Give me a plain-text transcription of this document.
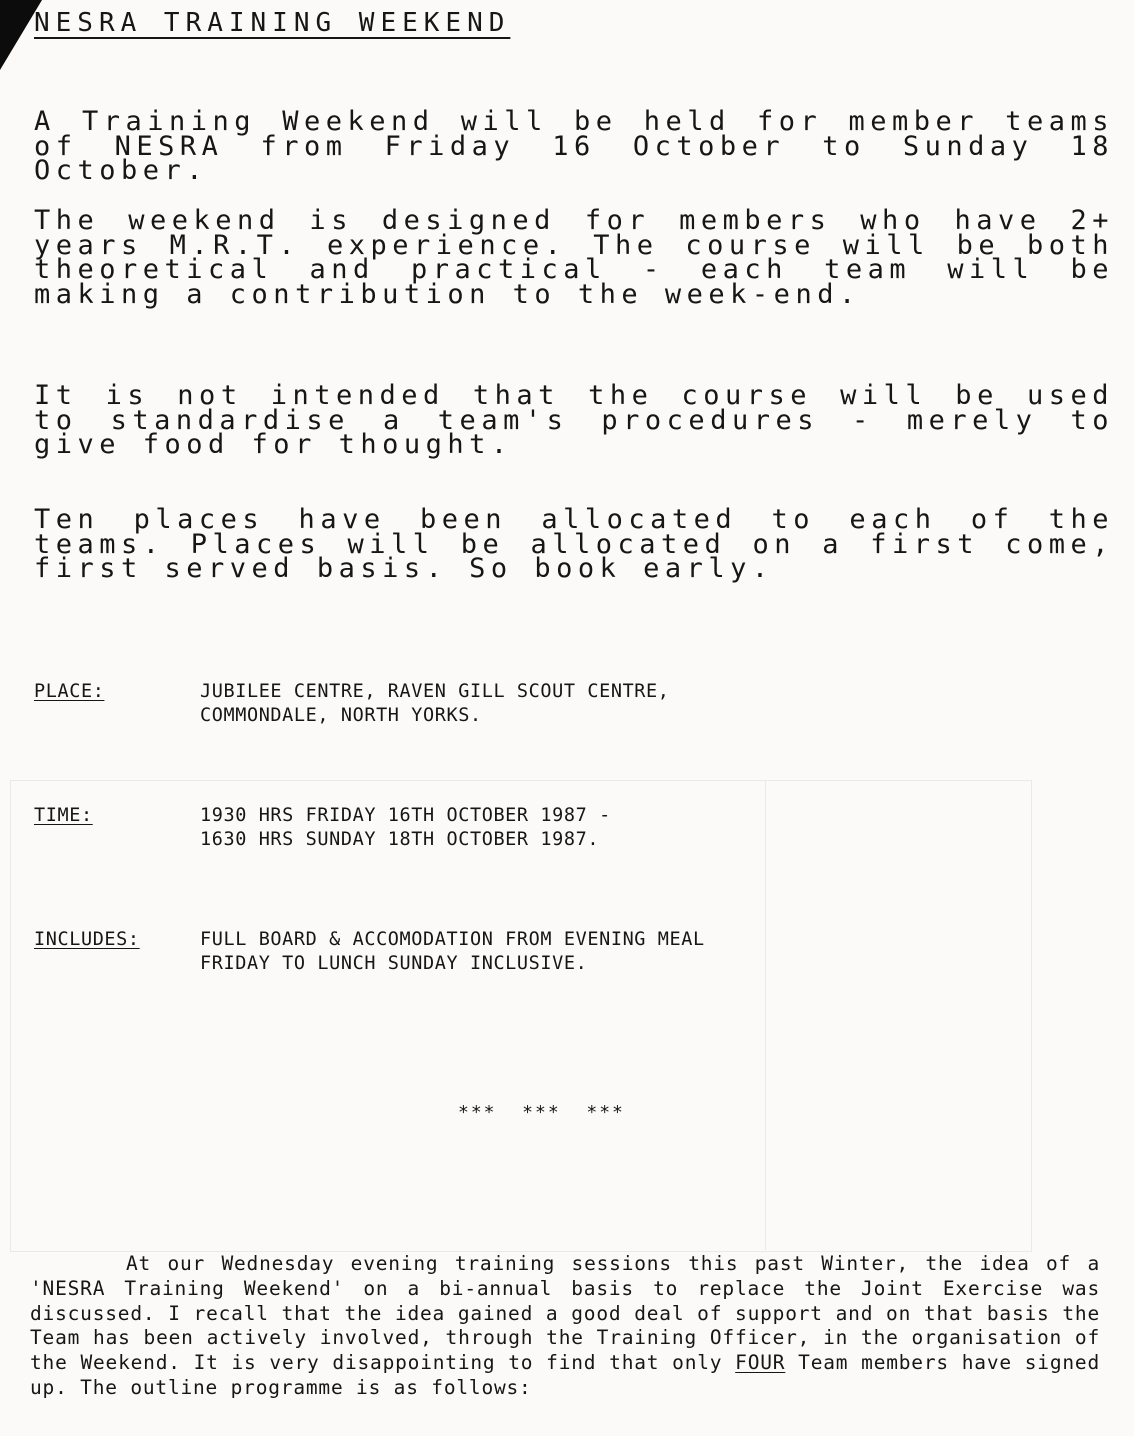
NESRA TRAINING WEEKEND

A Training Weekend will be held for member teams of NESRA from Friday 16 October to Sunday 18 October.

The weekend is designed for members who have 2+ years M.R.T. experience. The course will be both theoretical and practical - each team will be making a contribution to the week-end.

It is not intended that the course will be used to standardise a team's procedures - merely to give food for thought.

Ten places have been allocated to each of the teams. Places will be allocated on a first come, first served basis. So book early.

PLACE:	JUBILEE CENTRE, RAVEN GILL SCOUT CENTRE,
COMMONDALE, NORTH YORKS.
TIME:	1930 HRS FRIDAY 16TH OCTOBER 1987 -
1630 HRS SUNDAY 18TH OCTOBER 1987.
INCLUDES:	FULL BOARD & ACCOMODATION FROM EVENING MEAL
FRIDAY TO LUNCH SUNDAY INCLUSIVE.
***  ***  ***

At our Wednesday evening training sessions this past Winter, the idea of a 'NESRA Training Weekend' on a bi-annual basis to replace the Joint Exercise was discussed. I recall that the idea gained a good deal of support and on that basis the Team has been actively involved, through the Training Officer, in the organisation of the Weekend. It is very disappointing to find that only FOUR Team members have signed up. The outline programme is as follows:
